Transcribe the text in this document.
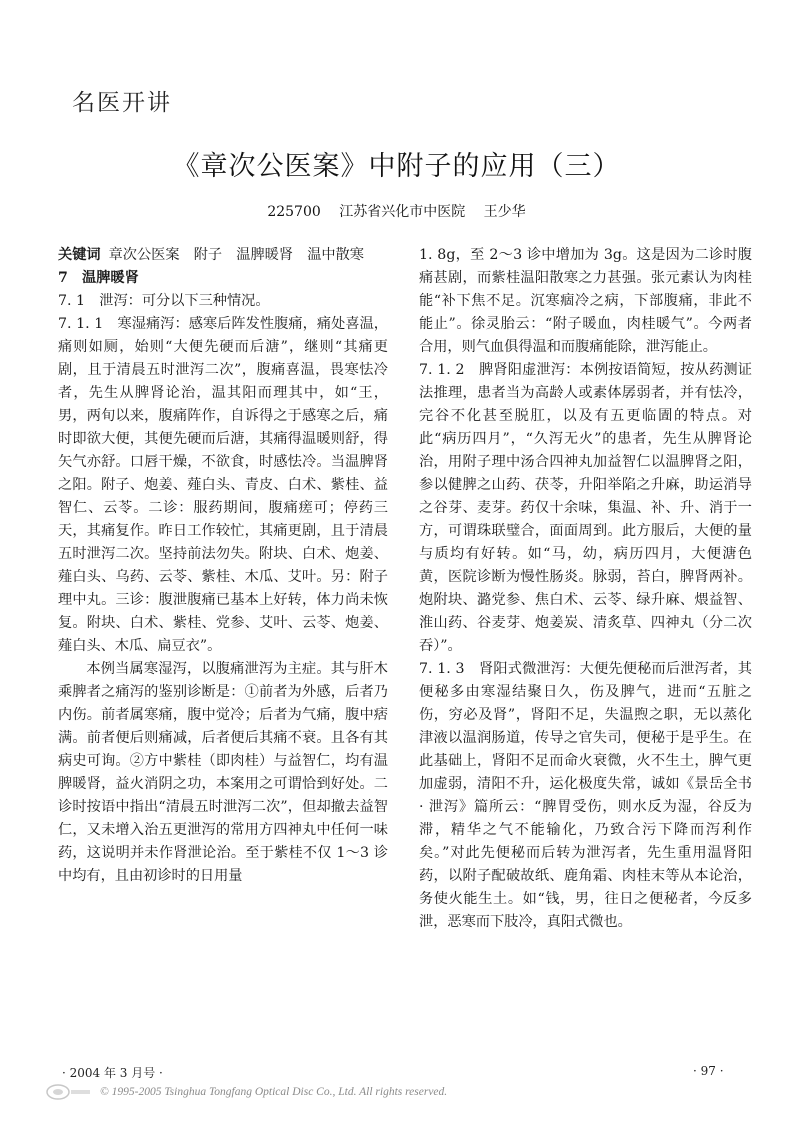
名医开讲
《章次公医案》中附子的应用（三）
225700 江苏省兴化市中医院 王少华

关键词 章次公医案　附子　温脾暖肾　温中散寒

7　温脾暖肾

7. 1　泄泻：可分以下三种情况。

7. 1. 1　寒湿痛泻：感寒后阵发性腹痛，痛处喜温，痛则如厕，始则“大便先硬而后溏”，继则“其痛更剧，且于清晨五时泄泻二次”，腹痛喜温，畏寒怯冷者，先生从脾肾论治，温其阳而理其中，如“王，男，两旬以来，腹痛阵作，自诉得之于感寒之后，痛时即欲大便，其便先硬而后溏，其痛得温暖则舒，得矢气亦舒。口唇干燥，不欲食，时感怯冷。当温脾肾之阳。附子、炮姜、薤白头、青皮、白术、紫桂、益智仁、云苓。二诊：服药期间，腹痛瘥可；停药三天，其痛复作。昨日工作较忙，其痛更剧，且于清晨五时泄泻二次。坚持前法勿失。附块、白术、炮姜、薤白头、乌药、云苓、紫桂、木瓜、艾叶。另：附子理中丸。三诊：腹泄腹痛已基本上好转，体力尚未恢复。附块、白术、紫桂、党参、艾叶、云苓、炮姜、薤白头、木瓜、扁豆衣”。

本例当属寒湿泻，以腹痛泄泻为主症。其与肝木乘脾者之痛泻的鉴别诊断是：①前者为外感，后者乃内伤。前者属寒痛，腹中觉冷；后者为气痛，腹中痞满。前者便后则痛减，后者便后其痛不衰。且各有其病史可询。②方中紫桂（即肉桂）与益智仁，均有温脾暖肾，益火消阴之功，本案用之可谓恰到好处。二诊时按语中指出“清晨五时泄泻二次”，但却撤去益智仁，又未增入治五更泄泻的常用方四神丸中任何一味药，这说明并未作肾泄论治。至于紫桂不仅 1～3 诊中均有，且由初诊时的日用量

1. 8g，至 2～3 诊中增加为 3g。这是因为二诊时腹痛甚剧，而紫桂温阳散寒之力甚强。张元素认为肉桂能“补下焦不足。沉寒痼冷之病，下部腹痛，非此不能止”。徐灵胎云：“附子暖血，肉桂暖气”。今两者合用，则气血俱得温和而腹痛能除，泄泻能止。

7. 1. 2　脾肾阳虚泄泻：本例按语简短，按从药测证法推理，患者当为高龄人或素体孱弱者，并有怯冷，完谷不化甚至脱肛，以及有五更临圊的特点。对此“病历四月”，“久泻无火”的患者，先生从脾肾论治，用附子理中汤合四神丸加益智仁以温脾肾之阳，参以健脾之山药、茯苓，升阳举陷之升麻，助运消导之谷芽、麦芽。药仅十余味，集温、补、升、消于一方，可谓珠联璧合，面面周到。此方服后，大便的量与质均有好转。如“马，幼，病历四月，大便溏色黄，医院诊断为慢性肠炎。脉弱，苔白，脾肾两补。炮附块、潞党参、焦白术、云苓、绿升麻、煨益智、淮山药、谷麦芽、炮姜炭、清炙草、四神丸（分二次吞）”。

7. 1. 3　肾阳式微泄泻：大便先便秘而后泄泻者，其便秘多由寒湿结聚日久，伤及脾气，进而“五脏之伤，穷必及肾”，肾阳不足，失温煦之职，无以蒸化津液以温润肠道，传导之官失司，便秘于是乎生。在此基础上，肾阳不足而命火衰微，火不生土，脾气更加虚弱，清阳不升，运化极度失常，诚如《景岳全书 · 泄泻》篇所云：“脾胃受伤，则水反为湿，谷反为滞，精华之气不能输化，乃致合污下降而泻利作矣。”对此先便秘而后转为泄泻者，先生重用温肾阳药，以附子配破故纸、鹿角霜、肉桂末等从本论治，务使火能生土。如“钱，男，往日之便秘者，今反多泄，恶寒而下肢冷，真阳式微也。

· 2004 年 3 月号 ·	· 97 ·
© 1995-2005 Tsinghua Tongfang Optical Disc Co., Ltd. All rights reserved.
